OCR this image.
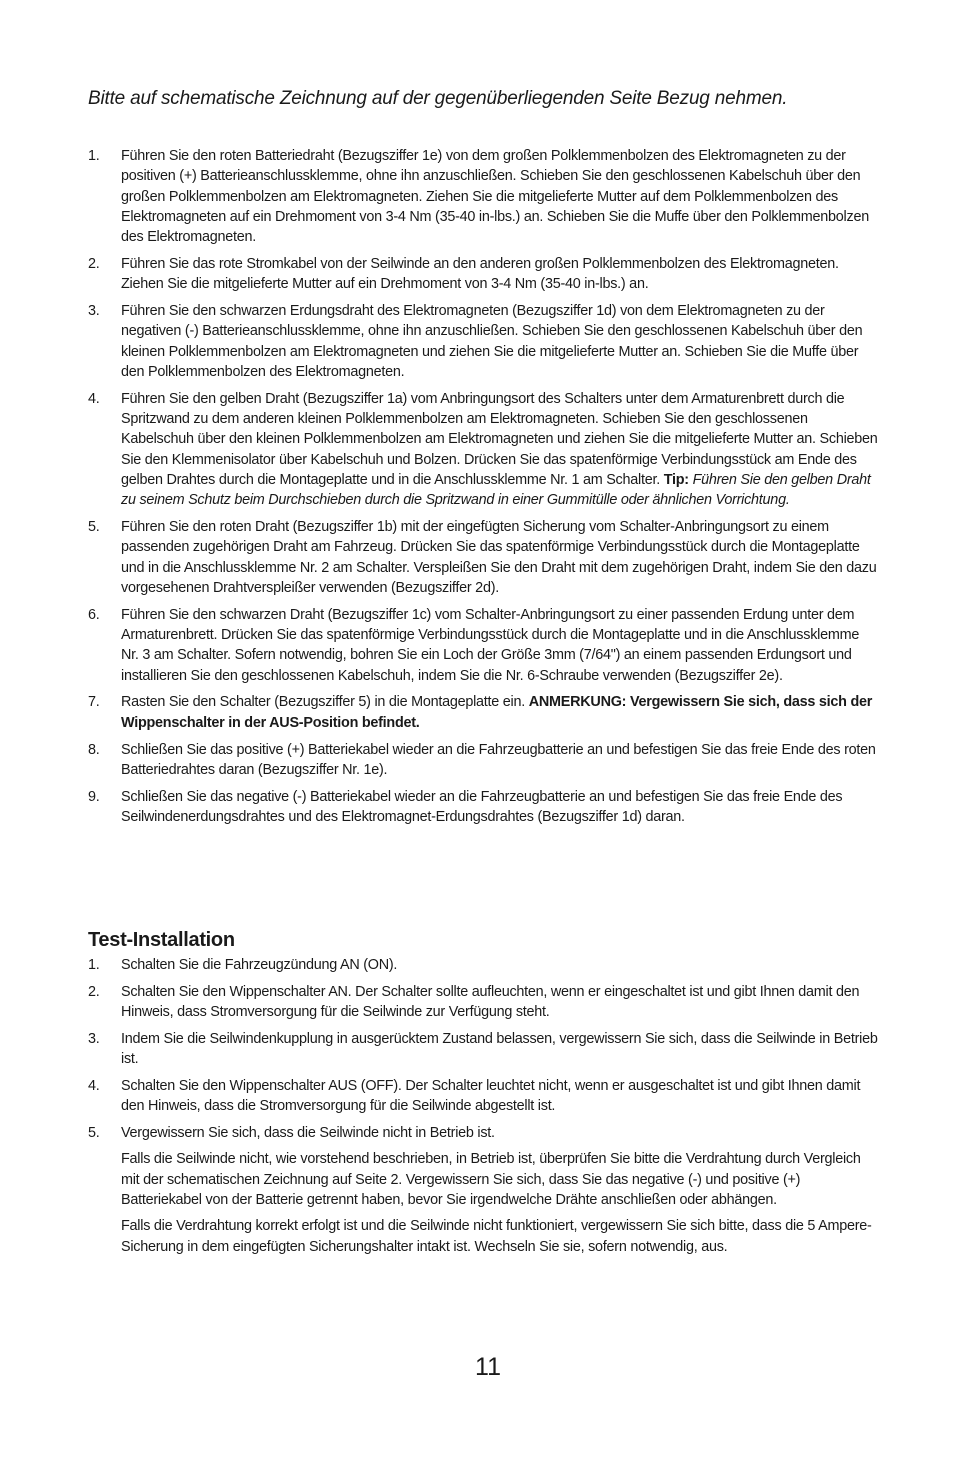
Bitte auf schematische Zeichnung auf der gegenüberliegenden Seite Bezug nehmen.

1. Führen Sie den roten Batteriedraht (Bezugsziffer 1e) von dem großen Polklemmenbolzen des Elektromagneten zu der positiven (+) Batterieanschlussklemme, ohne ihn anzuschließen. Schieben Sie den geschlossenen Kabelschuh über den großen Polklemmenbolzen am Elektromagneten. Ziehen Sie die mitgelieferte Mutter auf dem Polklemmenbolzen des Elektromagneten auf ein Drehmoment von 3-4 Nm (35-40 in-lbs.) an. Schieben Sie die Muffe über den Polklemmenbolzen des Elektromagneten.
2. Führen Sie das rote Stromkabel von der Seilwinde an den anderen großen Polklemmenbolzen des Elektromagneten. Ziehen Sie die mitgelieferte Mutter auf ein Drehmoment von 3-4 Nm (35-40 in-lbs.) an.
3. Führen Sie den schwarzen Erdungsdraht des Elektromagneten (Bezugsziffer 1d) von dem Elektromagneten zu der negativen (-) Batterieanschlussklemme, ohne ihn anzuschließen. Schieben Sie den geschlossenen Kabelschuh über den kleinen Polklemmenbolzen am Elektromagneten und ziehen Sie die mitgelieferte Mutter an. Schieben Sie die Muffe über den Polklemmenbolzen des Elektromagneten.
4. Führen Sie den gelben Draht (Bezugsziffer 1a) vom Anbringungsort des Schalters unter dem Armaturenbrett durch die Spritzwand zu dem anderen kleinen Polklemmenbolzen am Elektromagneten. Schieben Sie den geschlossenen Kabelschuh über den kleinen Polklemmenbolzen am Elektromagneten und ziehen Sie die mitgelieferte Mutter an. Schieben Sie den Klemmenisolator über Kabelschuh und Bolzen. Drücken Sie das spatenförmige Verbindungsstück am Ende des gelben Drahtes durch die Montageplatte und in die Anschlussklemme Nr. 1 am Schalter. Tip: Führen Sie den gelben Draht zu seinem Schutz beim Durchschieben durch die Spritzwand in einer Gummitülle oder ähnlichen Vorrichtung.
5. Führen Sie den roten Draht (Bezugsziffer 1b) mit der eingefügten Sicherung vom Schalter-Anbringungsort zu einem passenden zugehörigen Draht am Fahrzeug. Drücken Sie das spatenförmige Verbindungsstück durch die Montageplatte und in die Anschlussklemme Nr. 2 am Schalter. Verspleißen Sie den Draht mit dem zugehörigen Draht, indem Sie den dazu vorgesehenen Drahtverspleißer verwenden (Bezugsziffer 2d).
6. Führen Sie den schwarzen Draht (Bezugsziffer 1c) vom Schalter-Anbringungsort zu einer passenden Erdung unter dem Armaturenbrett. Drücken Sie das spatenförmige Verbindungsstück durch die Montageplatte und in die Anschlussklemme Nr. 3 am Schalter. Sofern notwendig, bohren Sie ein Loch der Größe 3mm (7/64") an einem passenden Erdungsort und installieren Sie den geschlossenen Kabelschuh, indem Sie die Nr. 6-Schraube verwenden (Bezugsziffer 2e).
7. Rasten Sie den Schalter (Bezugsziffer 5) in die Montageplatte ein. ANMERKUNG: Vergewissern Sie sich, dass sich der Wippenschalter in der AUS-Position befindet.
8. Schließen Sie das positive (+) Batteriekabel wieder an die Fahrzeugbatterie an und befestigen Sie das freie Ende des roten Batteriedrahtes daran (Bezugsziffer Nr. 1e).
9. Schließen Sie das negative (-) Batteriekabel wieder an die Fahrzeugbatterie an und befestigen Sie das freie Ende des Seilwindenerdungsdrahtes und des Elektromagnet-Erdungsdrahtes (Bezugsziffer 1d) daran.
Test-Installation
1. Schalten Sie die Fahrzeugzündung AN (ON).
2. Schalten Sie den Wippenschalter AN. Der Schalter sollte aufleuchten, wenn er eingeschaltet ist und gibt Ihnen damit den Hinweis, dass Stromversorgung für die Seilwinde zur Verfügung steht.
3. Indem Sie die Seilwindenkupplung in ausgerücktem Zustand belassen, vergewissern Sie sich, dass die Seilwinde in Betrieb ist.
4. Schalten Sie den Wippenschalter AUS (OFF). Der Schalter leuchtet nicht, wenn er ausgeschaltet ist und gibt Ihnen damit den Hinweis, dass die Stromversorgung für die Seilwinde abgestellt ist.
5. Vergewissern Sie sich, dass die Seilwinde nicht in Betrieb ist.

Falls die Seilwinde nicht, wie vorstehend beschrieben, in Betrieb ist, überprüfen Sie bitte die Verdrahtung durch Vergleich mit der schematischen Zeichnung auf Seite 2. Vergewissern Sie sich, dass Sie das negative (-) und positive (+) Batteriekabel von der Batterie getrennt haben, bevor Sie irgendwelche Drähte anschließen oder abhängen.

Falls die Verdrahtung korrekt erfolgt ist und die Seilwinde nicht funktioniert, vergewissern Sie sich bitte, dass die 5 Ampere-Sicherung in dem eingefügten Sicherungshalter intakt ist. Wechseln Sie sie, sofern notwendig, aus.

11
